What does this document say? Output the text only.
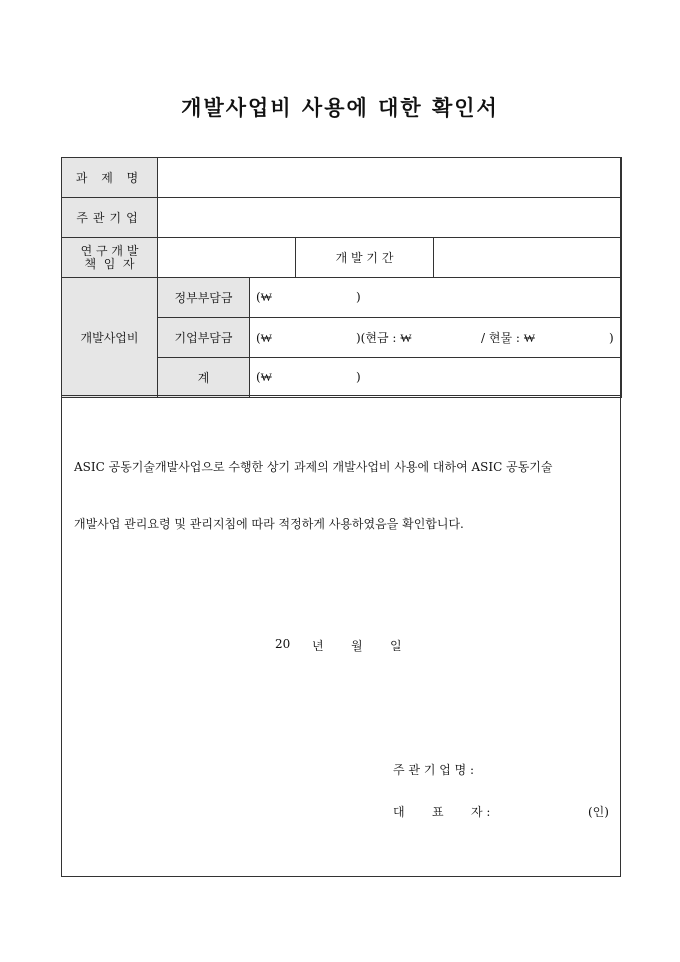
개발사업비 사용에 대한 확인서
과 제 명				
주관기업				

연 구 개 발
책  임  자			개 발 기 간	
개발사업비	정부부담금	(₩ )		
	기업부담금	(₩ )(현금 : ₩ / 현물 : ₩ )		
	계	(₩ )		
ASIC 공동기술개발사업으로 수행한 상기 과제의 개발사업비 사용에 대하여 ASIC 공동기술
개발사업 관리요령 및 관리지침에 따라 적정하게 사용하였음을 확인합니다.
20 년 월 일
주 관 기 업 명 :
대 표 자 :	(인)
